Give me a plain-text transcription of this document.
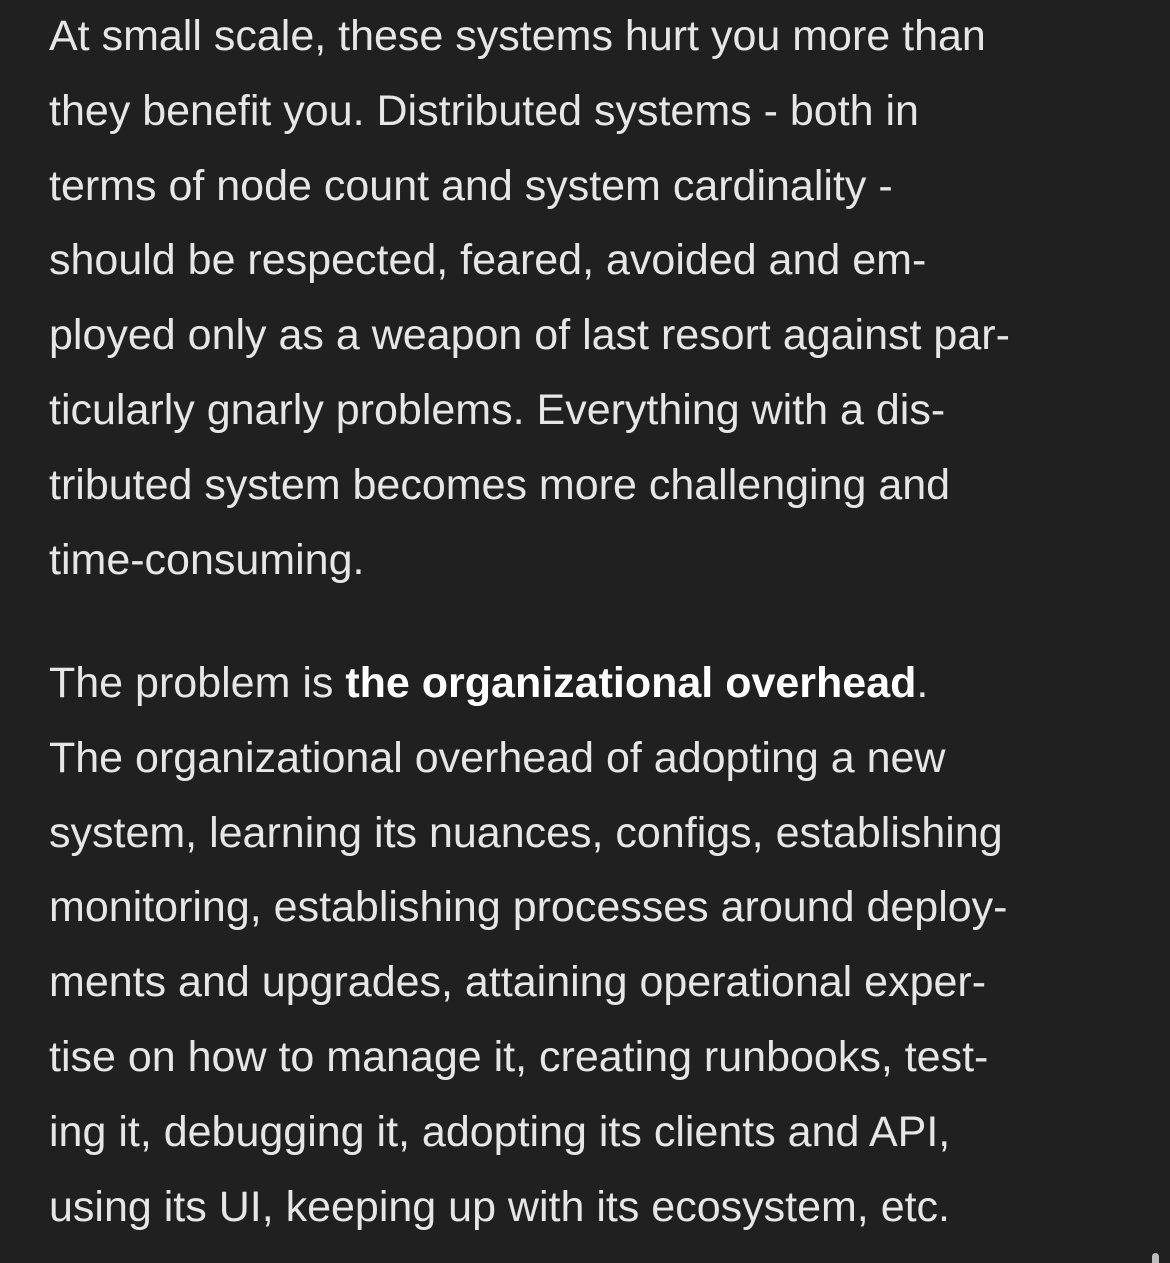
At small scale, these systems hurt you more than
they benefit you. Distributed systems - both in
terms of node count and system cardinality -
should be respected, feared, avoided and em-
ployed only as a weapon of last resort against par-
ticularly gnarly problems. Everything with a dis-
tributed system becomes more challenging and
time-consuming.

The problem is the organizational overhead.
The organizational overhead of adopting a new
system, learning its nuances, configs, establishing
monitoring, establishing processes around deploy-
ments and upgrades, attaining operational exper-
tise on how to manage it, creating runbooks, test-
ing it, debugging it, adopting its clients and API,
using its UI, keeping up with its ecosystem, etc.
